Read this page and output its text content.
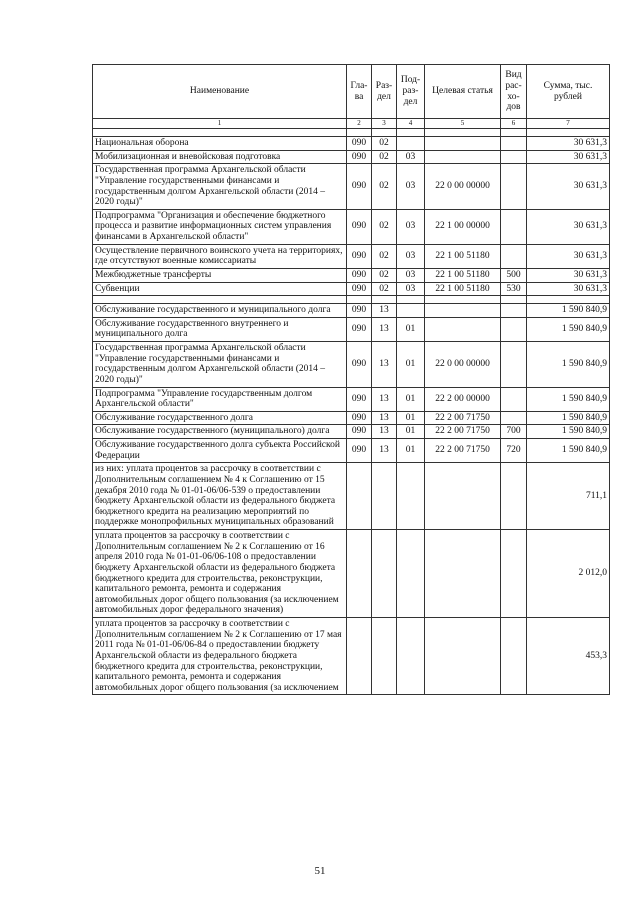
Наименование	Гла-ва	Раз-дел	Под-раз-дел	Целевая статья	Вид рас-хо-дов	Сумма, тыс. рублей
1	2	3	4	5	6	7

Национальная оборона	090	02				30 631,3
Мобилизационная и вневойсковая подготовка	090	02	03			30 631,3
Государственная программа Архангельской области "Управление государственными финансами и государственным долгом Архангельской области (2014 – 2020 годы)"	090	02	03	22 0 00 00000		30 631,3
Подпрограмма "Организация и обеспечение бюджетного процесса и развитие информационных систем управления финансами в Архангельской области"	090	02	03	22 1 00 00000		30 631,3
Осуществление первичного воинского учета на территориях, где отсутствуют военные комиссариаты	090	02	03	22 1 00 51180		30 631,3
Межбюджетные трансферты	090	02	03	22 1 00 51180	500	30 631,3
Субвенции	090	02	03	22 1 00 51180	530	30 631,3

Обслуживание государственного и муниципального долга	090	13				1 590 840,9
Обслуживание государственного внутреннего и муниципального долга	090	13	01			1 590 840,9
Государственная программа Архангельской области "Управление государственными финансами и государственным долгом Архангельской области (2014 – 2020 годы)"	090	13	01	22 0 00 00000		1 590 840,9
Подпрограмма "Управление государственным долгом Архангельской области"	090	13	01	22 2 00 00000		1 590 840,9
Обслуживание государственного долга	090	13	01	22 2 00 71750		1 590 840,9
Обслуживание государственного (муниципального) долга	090	13	01	22 2 00 71750	700	1 590 840,9
Обслуживание государственного долга субъекта Российской Федерации	090	13	01	22 2 00 71750	720	1 590 840,9
из них: уплата процентов за рассрочку в соответствии с Дополнительным соглашением № 4 к Соглашению от 15 декабря 2010 года № 01-01-06/06-539 о предоставлении бюджету Архангельской области из федерального бюджета бюджетного кредита на реализацию мероприятий по поддержке монопрофильных муниципальных образований						711,1
уплата процентов за рассрочку в соответствии с Дополнительным соглашением № 2 к Соглашению от 16 апреля 2010 года № 01-01-06/06-108 о предоставлении бюджету Архангельской области из федерального бюджета бюджетного кредита для строительства, реконструкции, капитального ремонта, ремонта и содержания автомобильных дорог общего пользования (за исключением автомобильных дорог федерального значения)						2 012,0
уплата процентов за рассрочку в соответствии с Дополнительным соглашением № 2 к Соглашению от 17 мая 2011 года № 01-01-06/06-84 о предоставлении бюджету Архангельской области из федерального бюджета бюджетного кредита для строительства, реконструкции, капитального ремонта, ремонта и содержания автомобильных дорог общего пользования (за исключением						453,3
51
